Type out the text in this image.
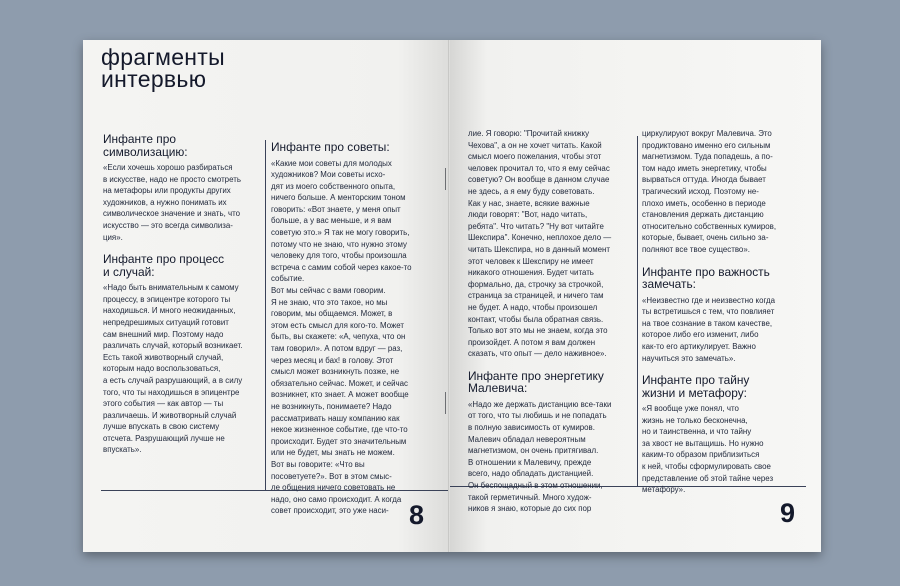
фрагменты
интервью
Инфанте про
символизацию:

«Если хочешь хорошо разбираться
в искусстве, надо не просто смотреть
на метафоры или продукты других
художников, а нужно понимать их
символическое значение и знать, что
искусство — это всегда символиза-
ция».

Инфанте про процесс
и случай:

«Надо быть внимательным к самому
процессу, в эпицентре которого ты
находишься. И много неожиданных,
непредрешимых ситуаций готовит
сам внешний мир. Поэтому надо
различать случай, который возникает.
Есть такой животворный случай,
которым надо воспользоваться,
а есть случай разрушающий, а в силу
того, что ты находишься в эпицентре
этого события — как автор — ты
различаешь. И животворный случай
лучше впускать в свою систему
отсчета. Разрушающий лучше не
впускать».

Инфанте про советы:

«Какие мои советы для молодых
художников? Мои советы исхо-
дят из моего собственного опыта,
ничего больше. А менторским тоном
говорить: «Вот знаете, у меня опыт
больше, а у вас меньше, и я вам
советую это.» Я так не могу говорить,
потому что не знаю, что нужно этому
человеку для того, чтобы произошла
встреча с самим собой через какое-то
событие.
Вот мы сейчас с вами говорим.
Я не знаю, что это такое, но мы
говорим, мы общаемся. Может, в
этом есть смысл для кого-то. Может
быть, вы скажете: «А, чепуха, что он
там говорил». А потом вдруг — раз,
через месяц и бах! в голову. Этот
смысл может возникнуть позже, не
обязательно сейчас. Может, и сейчас
возникнет, кто знает. А может вообще
не возникнуть, понимаете? Надо
рассматривать нашу компанию как
некое жизненное событие, где что-то
происходит. Будет это значительным
или не будет, мы знать не можем.
Вот вы говорите: «Что вы
посоветуете?». Вот в этом смыс-
ле общения ничего советовать не
надо, оно само происходит. А когда
совет происходит, это уже наси- 8

лие. Я говорю: "Прочитай книжку
Чехова", а он не хочет читать. Какой
смысл моего пожелания, чтобы этот
человек прочитал то, что я ему сейчас
советую? Он вообще в данном случае
не здесь, а я ему буду советовать.
Как у нас, знаете, всякие важные
люди говорят: "Вот, надо читать,
ребята". Что читать? "Ну вот читайте
Шекспира". Конечно, неплохое дело —
читать Шекспира, но в данный момент
этот человек к Шекспиру не имеет
никакого отношения. Будет читать
формально, да, строчку за строчкой,
страница за страницей, и ничего там
не будет. А надо, чтобы произошел
контакт, чтобы была обратная связь.
Только вот это мы не знаем, когда это
произойдет. А потом я вам должен
сказать, что опыт — дело наживное».

Инфанте про энергетику
Малевича:

«Надо же держать дистанцию все-таки
от того, что ты любишь и не попадать
в полную зависимость от кумиров.
Малевич обладал невероятным
магнетизмом, он очень притягивал.
В отношении к Малевичу, прежде
всего, надо обладать дистанцией.
Он беспощадный в этом отношении,
такой герметичный. Много худож-
ников я знаю, которые до сих пор

циркулируют вокруг Малевича. Это
продиктовано именно его сильным
магнетизмом. Туда попадешь, а по-
том надо иметь энергетику, чтобы
вырваться оттуда. Иногда бывает
трагический исход. Поэтому не-
плохо иметь, особенно в периоде
становления держать дистанцию
относительно собственных кумиров,
которые, бывает, очень сильно за-
полняют все твое существо».

Инфанте про важность
замечать:

«Неизвестно где и неизвестно когда
ты встретишься с тем, что повлияет
на твое сознание в таком качестве,
которое либо его изменит, либо
как-то его артикулирует. Важно
научиться это замечать».

Инфанте про тайну
жизни и метафору:

«Я вообще уже понял, что
жизнь не только бесконечна,
но и таинственна, и что тайну
за хвост не вытащишь. Но нужно
каким-то образом приблизиться
к ней, чтобы сформулировать свое
представление об этой тайне через
метафору».

9
